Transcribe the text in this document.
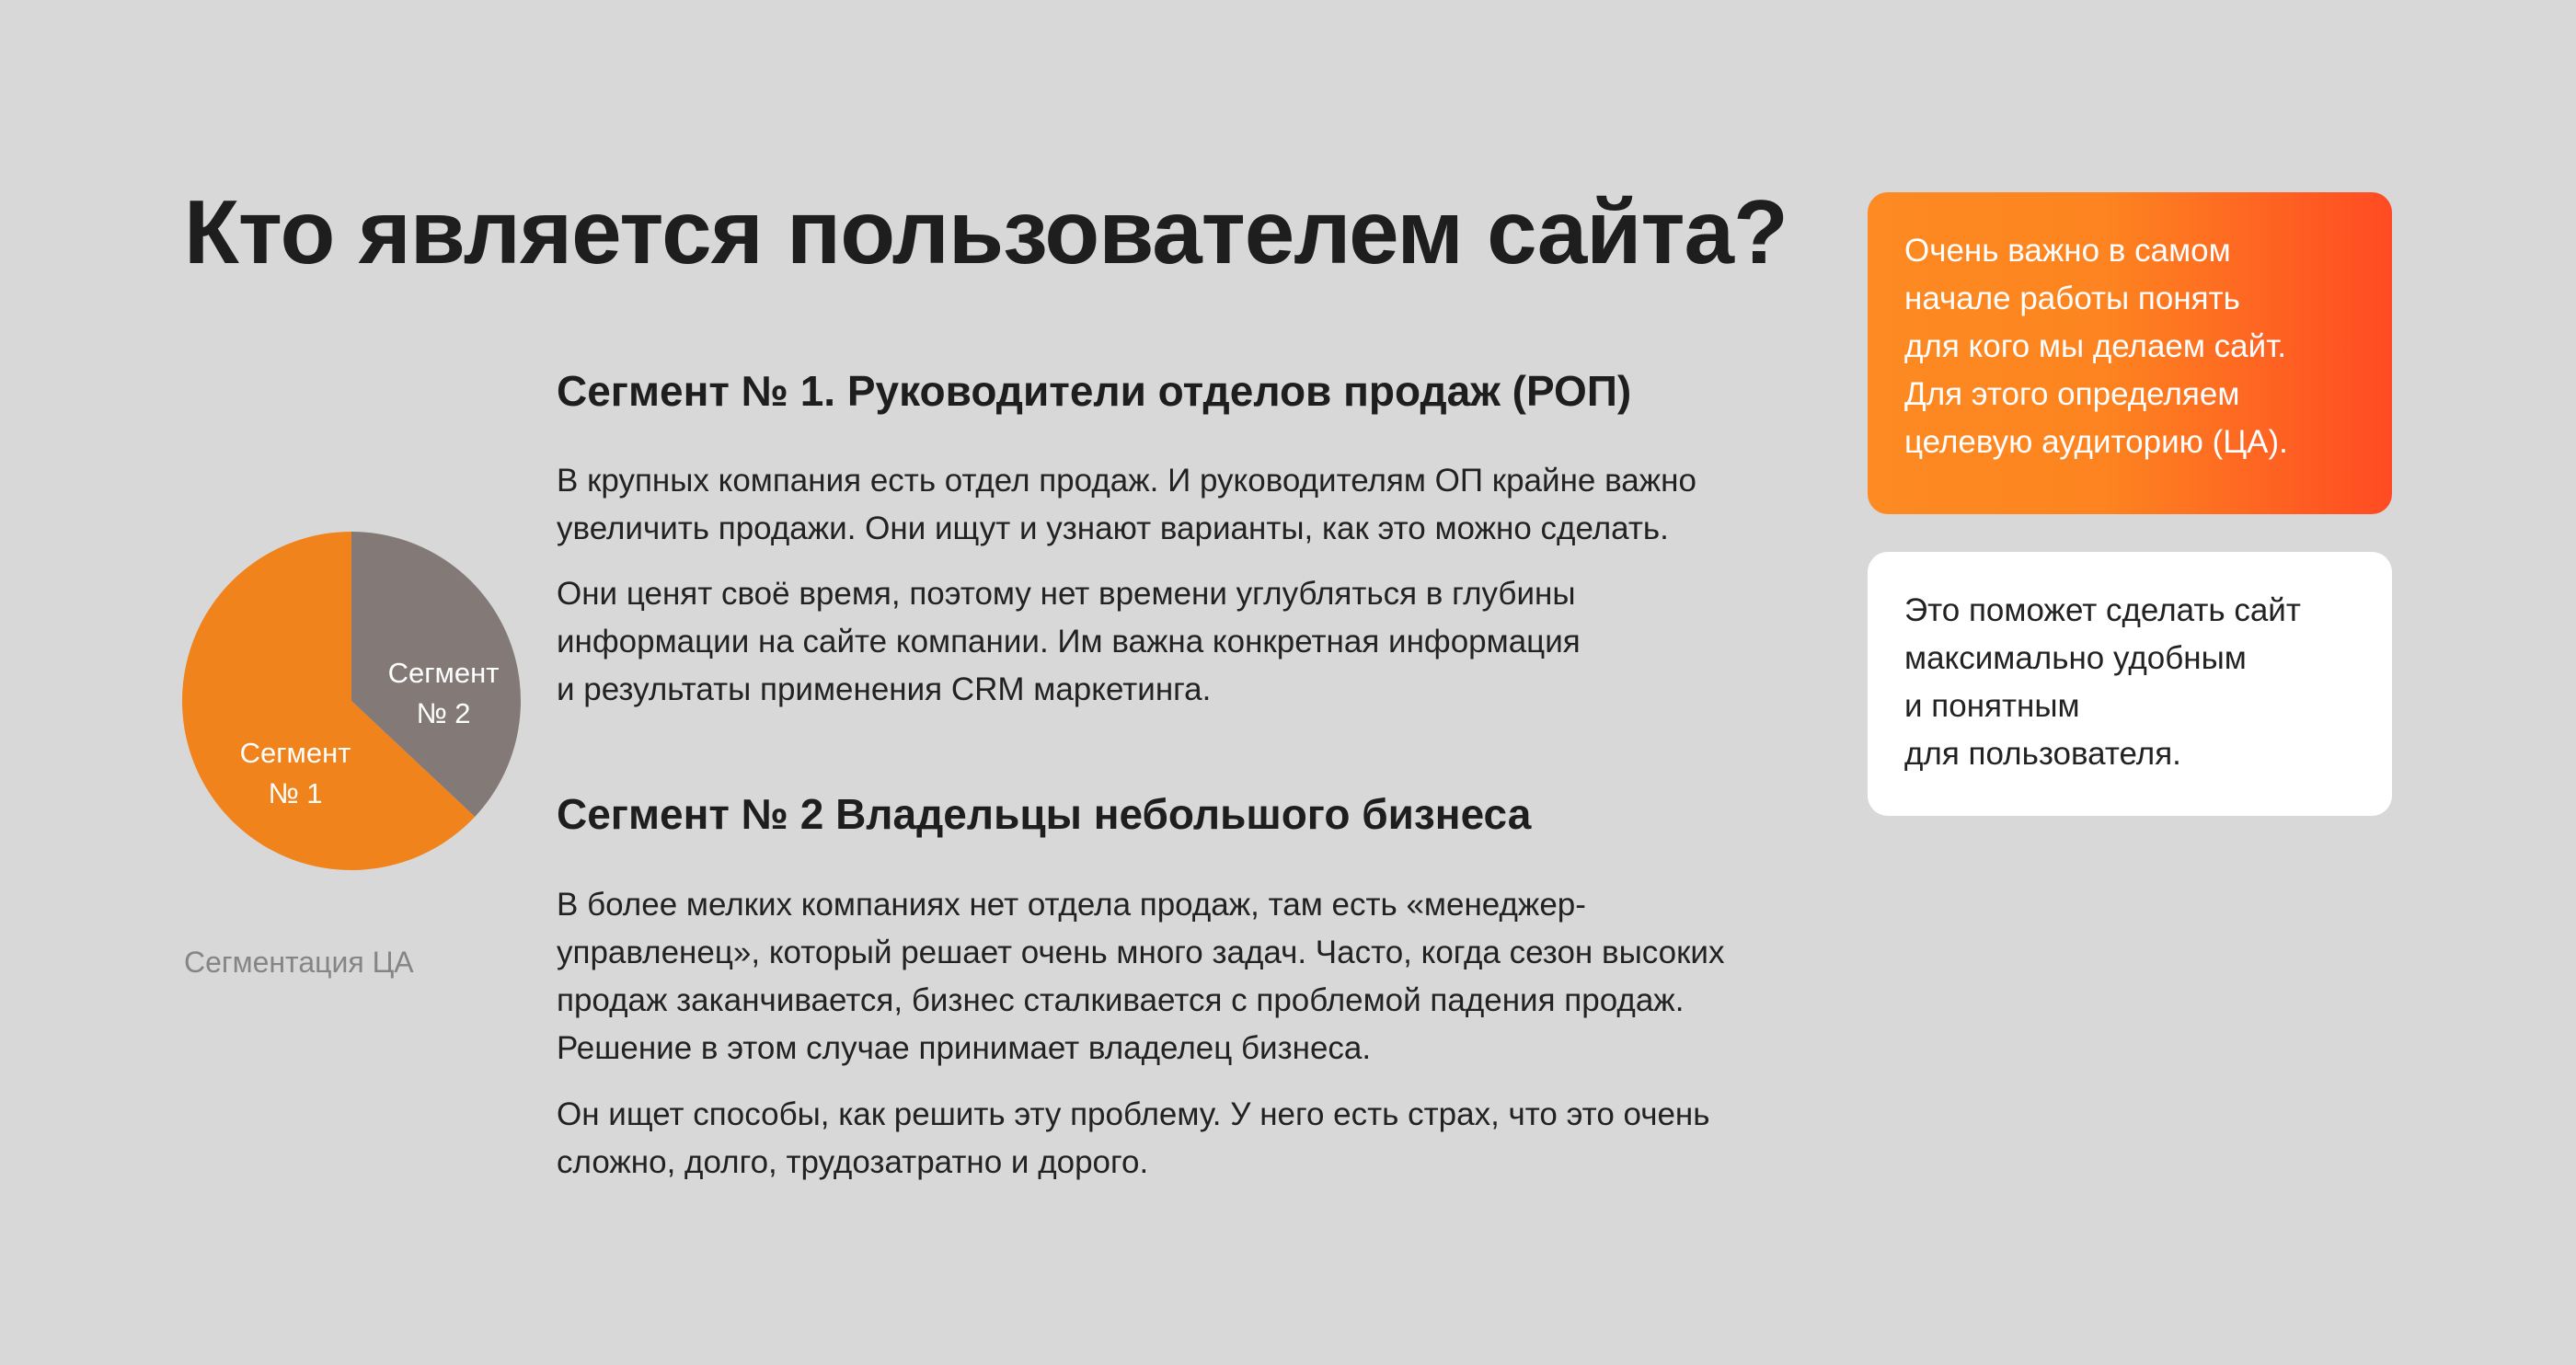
Кто является пользователем сайта?
Сегмент
№ 2
Сегмент
№ 1
Сегментация ЦА
Сегмент № 1. Руководители отделов продаж (РОП)

В крупных компания есть отдел продаж. И руководителям ОП крайне важно
увеличить продажи. Они ищут и узнают варианты, как это можно сделать.

Они ценят своё время, поэтому нет времени углубляться в глубины
информации на сайте компании. Им важна конкретная информация
и результаты применения CRM маркетинга.

Сегмент № 2 Владельцы небольшого бизнеса

В более мелких компаниях нет отдела продаж, там есть «менеджер-
управленец», который решает очень много задач. Часто, когда сезон высоких
продаж заканчивается, бизнес сталкивается с проблемой падения продаж.
Решение в этом случае принимает владелец бизнеса.

Он ищет способы, как решить эту проблему. У него есть страх, что это очень
сложно, долго, трудозатратно и дорого.

Очень важно в самом
начале работы понять
для кого мы делаем сайт.
Для этого определяем
целевую аудиторию (ЦА).
Это поможет сделать сайт
максимально удобным
и понятным
для пользователя.
